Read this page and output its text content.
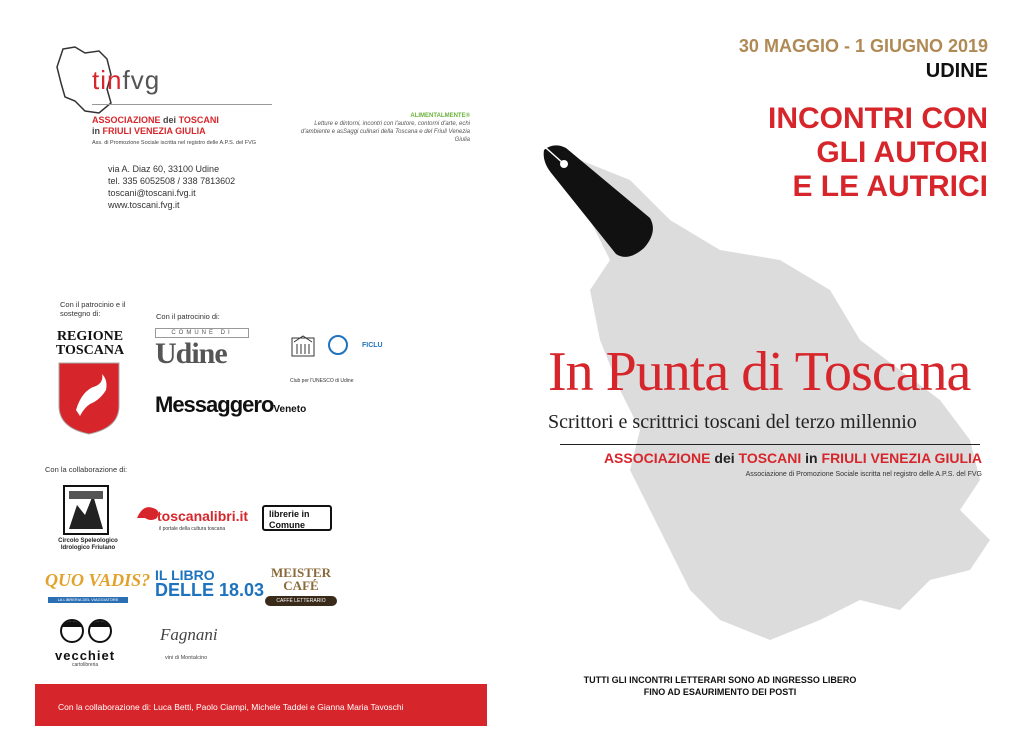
tinfvg
ASSOCIAZIONE dei TOSCANI
in FRIULI VENEZIA GIULIA
Ass. di Promozione Sociale iscritta nel registro delle A.P.S. del FVG
via A. Diaz 60, 33100 Udine
tel. 335 6052508 / 338 7813602
toscani@toscani.fvg.it
www.toscani.fvg.it
ALIMENTALMENTE®
Letture e dintorni, incontri con l'autore, contorni d'arte, echi d'ambiente e asSaggi culinari della Toscana e del Friuli Venezia Giulia
Con il patrocinio e il sostegno di:
REGIONE TOSCANA
Con il patrocinio di:
COMUNE DI
Udine	FICLU
Club per l'UNESCO di Udine
MessaggeroVeneto
Con la collaborazione di:
Circolo Speleologico Idrologico Friulano
toscanalibri.it
il portale della cultura toscana
librerie in Comune
QUO VADIS?
LA LIBRERIA DEL VIAGGIATORE
IL LIBRO
DELLE 18.03
MEISTER CAFÉ
CAFFÈ LETTERARIO
vecchiet
cartolibreria
Fagnani
vini di Montalcino
Con la collaborazione di: Luca Betti, Paolo Ciampi, Michele Taddei e Gianna Maria Tavoschi
30 MAGGIO - 1 GIUGNO 2019
UDINE
INCONTRI CON
GLI AUTORI
E LE AUTRICI
In Punta di Toscana
Scrittori e scrittrici toscani del terzo millennio
ASSOCIAZIONE dei TOSCANI in FRIULI VENEZIA GIULIA
Associazione di Promozione Sociale iscritta nel registro delle A.P.S. del FVG
TUTTI GLI INCONTRI LETTERARI SONO AD INGRESSO LIBERO
FINO AD ESAURIMENTO DEI POSTI
